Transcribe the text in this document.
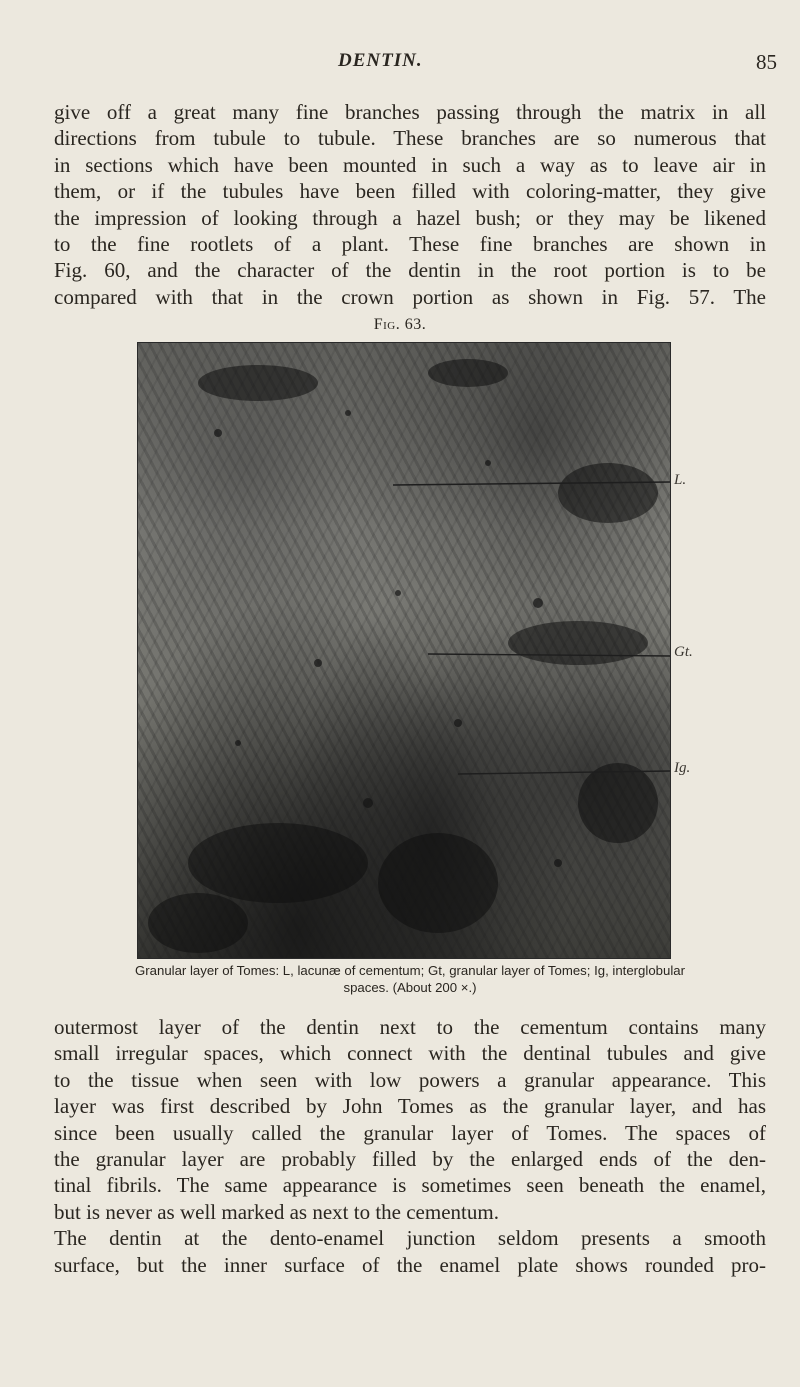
DENTIN.	85
give off a great many fine branches passing through the matrix in all
directions from tubule to tubule. These branches are so numerous that
in sections which have been mounted in such a way as to leave air in
them, or if the tubules have been filled with coloring-matter, they give
the impression of looking through a hazel bush; or they may be likened
to the fine rootlets of a plant. These fine branches are shown in
Fig. 60, and the character of the dentin in the root portion is to be
compared with that in the crown portion as shown in Fig. 57. The
Fig. 63.
L.
Gt.
Ig.
Granular layer of Tomes: L, lacunæ of cementum; Gt, granular layer of Tomes; Ig, interglobular
spaces. (About 200 ×.)
outermost layer of the dentin next to the cementum contains many
small irregular spaces, which connect with the dentinal tubules and give
to the tissue when seen with low powers a granular appearance. This
layer was first described by John Tomes as the granular layer, and has
since been usually called the granular layer of Tomes. The spaces of
the granular layer are probably filled by the enlarged ends of the den-
tinal fibrils. The same appearance is sometimes seen beneath the enamel,
but is never as well marked as next to the cementum.
The dentin at the dento-enamel junction seldom presents a smooth
surface, but the inner surface of the enamel plate shows rounded pro-
